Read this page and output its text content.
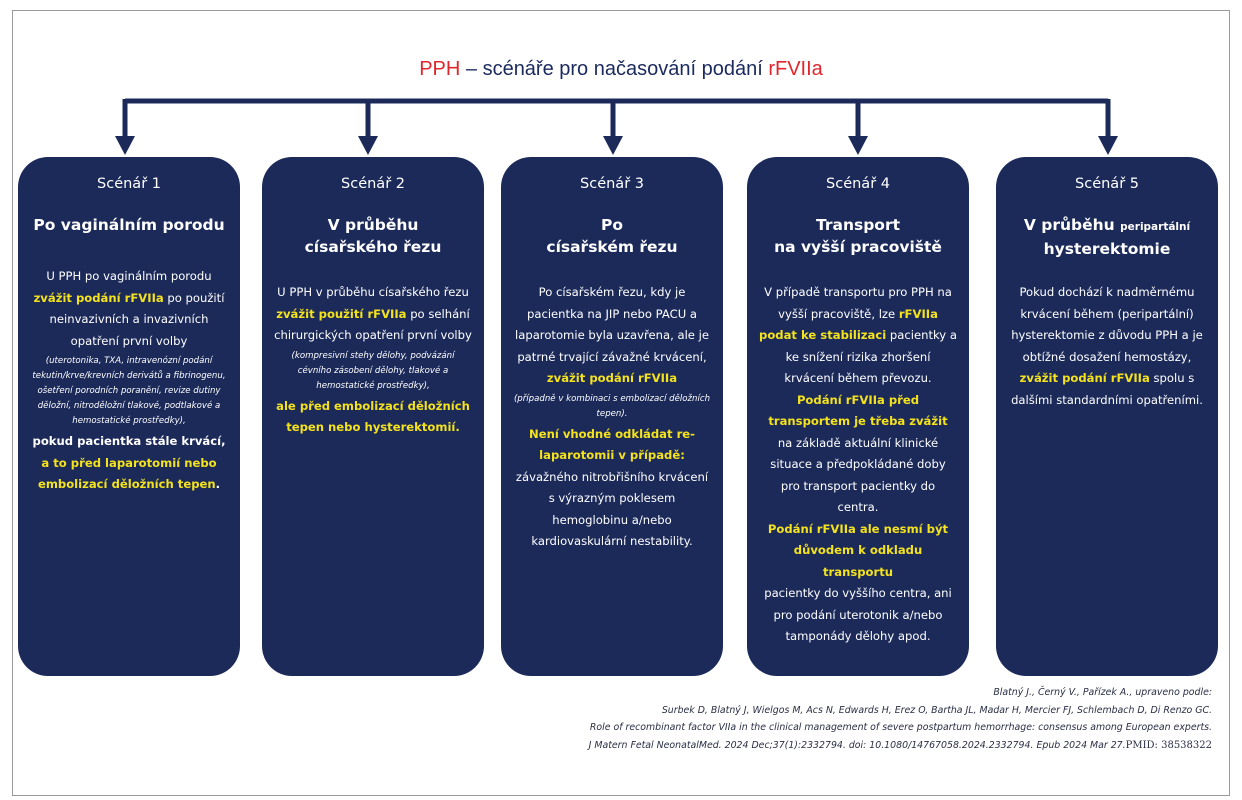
PPH – scénáře pro načasování podání rFVIIa
Scénář 1
Po vaginálním porodu
U PPH po vaginálním porodu zvážit podání rFVIIa po použití neinvazivních a invazivních opatření první volby
(uterotonika, TXA, intravenózní podání tekutin/krve/krevních derivátů a fibrinogenu, ošetření porodních poranění, revize dutiny děložní, nitroděložní tlakové, podtlakové a hemostatické prostředky),
pokud pacientka stále krvácí, a to před laparotomií nebo embolizací děložních tepen.
Scénář 2
V průběhu
císařského řezu
U PPH v průběhu císařského řezu zvážit použití rFVIIa po selhání chirurgických opatření první volby
(kompresivní stehy dělohy, podvázání cévního zásobení dělohy, tlakové a hemostatické prostředky),
ale před embolizací děložních tepen nebo hysterektomií.
Scénář 3
Po
císařském řezu
Po císařském řezu, kdy je pacientka na JIP nebo PACU a laparotomie byla uzavřena, ale je patrné trvající závažné krvácení,
zvážit podání rFVIIa
(případně v kombinaci s embolizací děložních tepen).
Není vhodné odkládat re-laparotomii v případě:
závažného nitrobřišního krvácení s výrazným poklesem hemoglobinu a/nebo kardiovaskulární nestability.
Scénář 4
Transport
na vyšší pracoviště
V případě transportu pro PPH na vyšší pracoviště, lze rFVIIa podat ke stabilizaci pacientky a ke snížení rizika zhoršení krvácení během převozu.
Podání rFVIIa před transportem je třeba zvážit
na základě aktuální klinické situace a předpokládané doby pro transport pacientky do centra.
Podání rFVIIa ale nesmí být důvodem k odkladu transportu
pacientky do vyššího centra, ani pro podání uterotonik a/nebo tamponády dělohy apod.
Scénář 5
V průběhu peripartální
hysterektomie
Pokud dochází k nadměrnému krvácení během (peripartální) hysterektomie z důvodu PPH a je obtížné dosažení hemostázy, zvážit podání rFVIIa spolu s dalšími standardními opatřeními.
Blatný J., Černý V., Pařízek A., upraveno podle:
Surbek D, Blatný J, Wielgos M, Acs N, Edwards H, Erez O, Bartha JL, Madar H, Mercier FJ, Schlembach D, Di Renzo GC.
Role of recombinant factor VIIa in the clinical management of severe postpartum hemorrhage: consensus among European experts.
J Matern Fetal NeonatalMed. 2024 Dec;37(1):2332794. doi: 10.1080/14767058.2024.2332794. Epub 2024 Mar 27.PMID: 38538322
